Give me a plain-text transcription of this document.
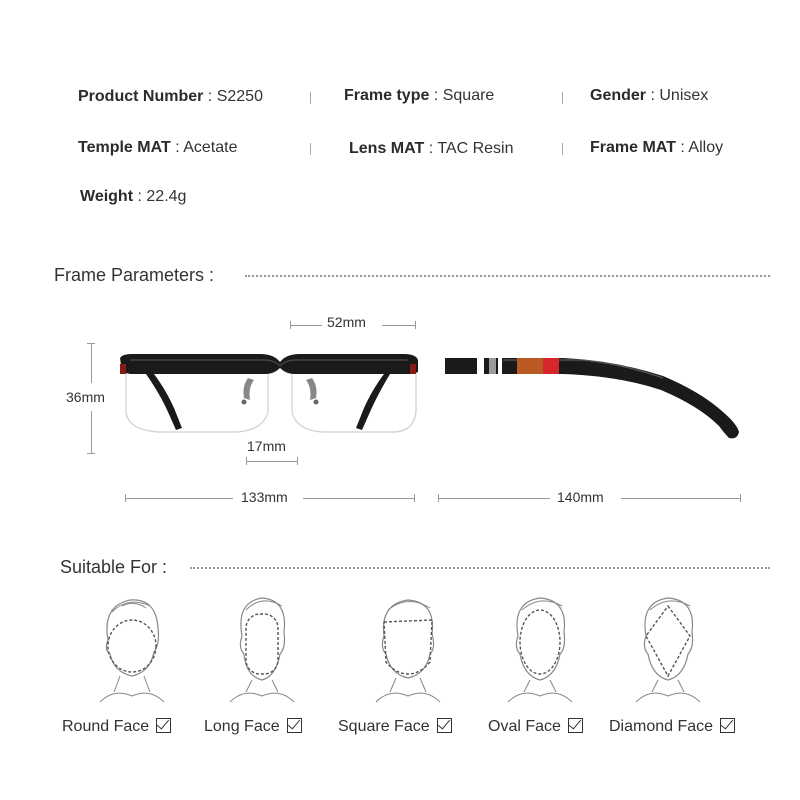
Product Number : S2250	Frame type : Square	Gender : Unisex
Temple MAT : Acetate	Lens MAT : TAC Resin	Frame MAT : Alloy
Weight : 22.4g
Frame Parameters :
52mm
36mm
17mm
133mm	140mm
Suitable For :
Round Face	Long Face	Square Face	Oval Face	Diamond Face
